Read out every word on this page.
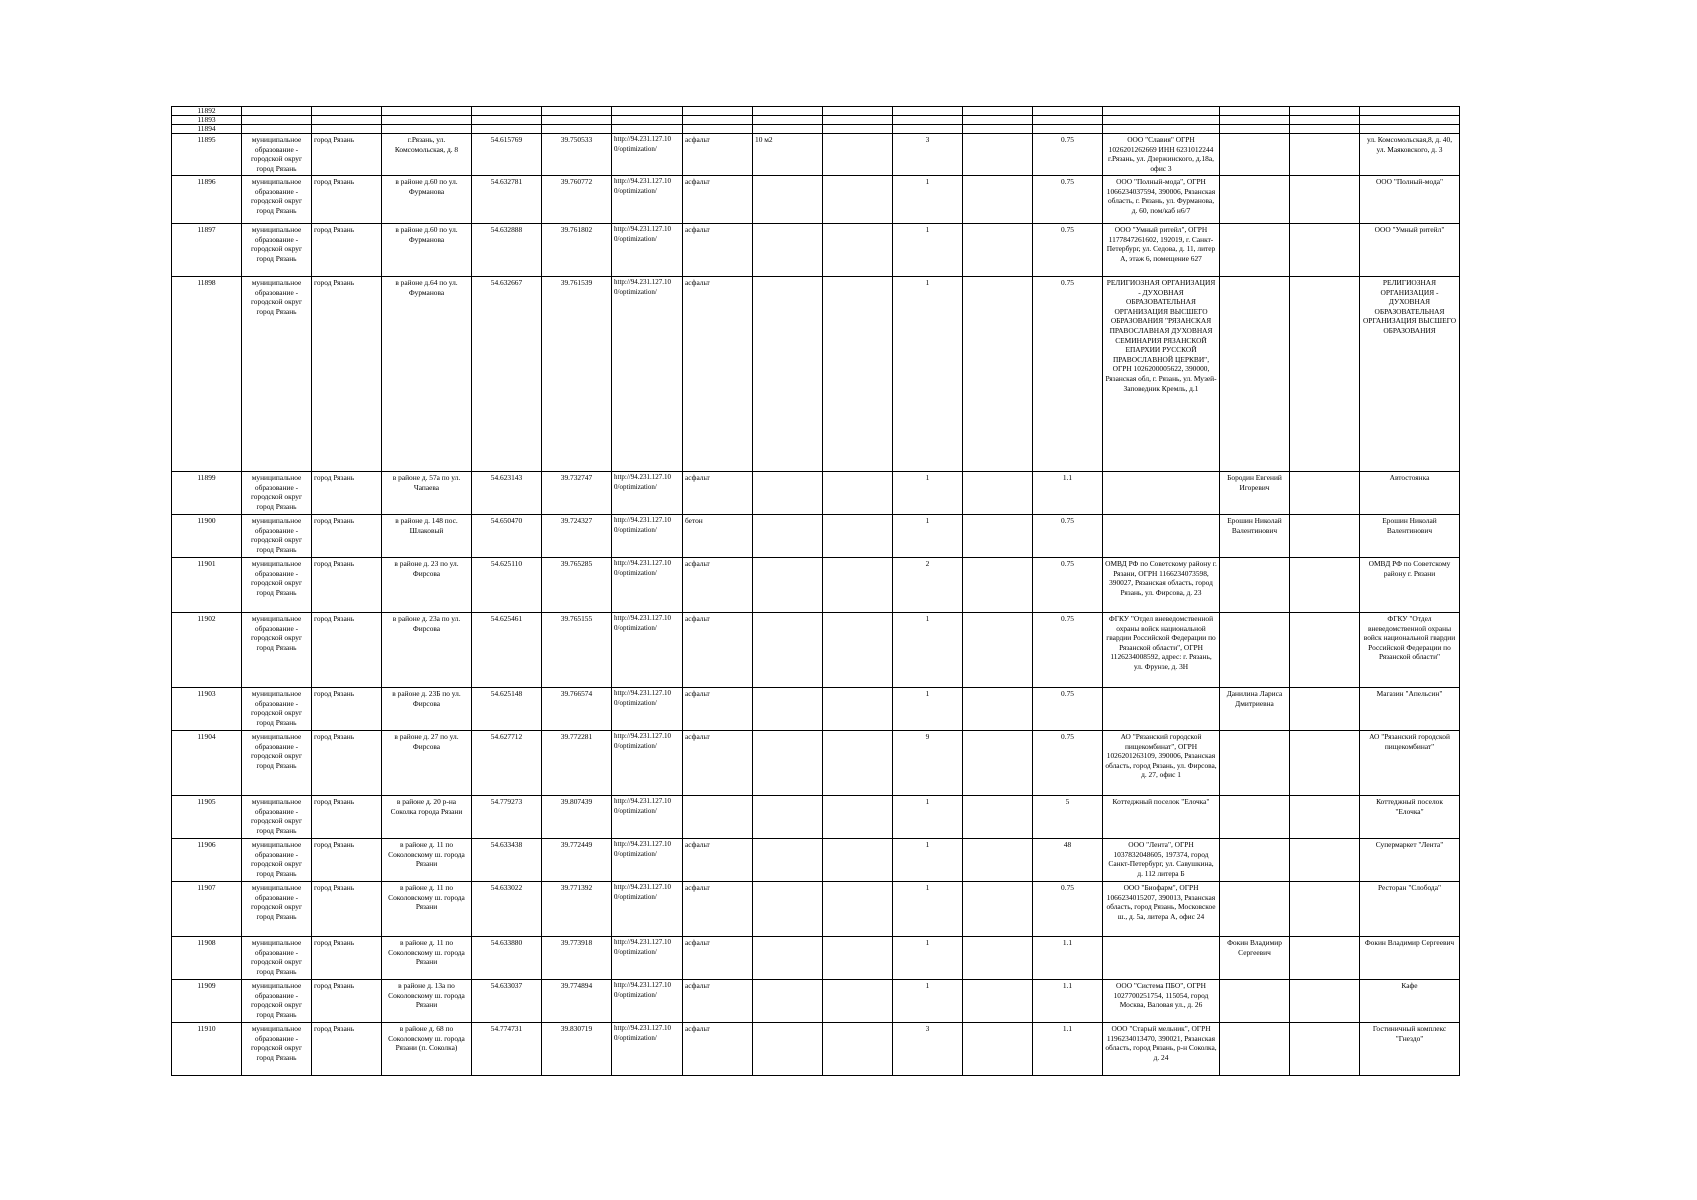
11892																
11893																
11894																
11895	муниципальное образование - городской округ город Рязань	город Рязань	г.Рязань, ул. Комсомольская, д. 8	54.615769	39.750533	http://94.231.127.10 0/optimization/	асфальт	10 м2		3		0.75	ООО "Славия" ОГРН 1026201262669 ИНН 6231012244 г.Рязань, ул. Дзержинского, д.18а, офис 3			ул. Комсомольская,8, д. 40, ул. Маяковского, д. 3
11896	муниципальное образование - городской округ город Рязань	город Рязань	в районе д.60 по ул. Фурманова	54.632781	39.760772	http://94.231.127.10 0/optimization/	асфальт			1		0.75	ООО "Полный-мода", ОГРН 1066234037594, 390006, Рязанская область, г. Рязань, ул. Фурманова, д. 60, пом/каб н6/7			ООО "Полный-мода"
11897	муниципальное образование - городской округ город Рязань	город Рязань	в районе д.60 по ул. Фурманова	54.632888	39.761802	http://94.231.127.10 0/optimization/	асфальт			1		0.75	ООО "Умный ритейл", ОГРН 1177847261602, 192019, г. Санкт-Петербург, ул. Седова, д. 11, литер А, этаж 6, помещение 627			ООО "Умный ритейл"
11898	муниципальное образование - городской округ город Рязань	город Рязань	в районе д.64 по ул. Фурманова	54.632667	39.761539	http://94.231.127.10 0/optimization/	асфальт			1		0.75	РЕЛИГИОЗНАЯ ОРГАНИЗАЦИЯ - ДУХОВНАЯ ОБРАЗОВАТЕЛЬНАЯ ОРГАНИЗАЦИЯ ВЫСШЕГО ОБРАЗОВАНИЯ "РЯЗАНСКАЯ ПРАВОСЛАВНАЯ ДУХОВНАЯ СЕМИНАРИЯ РЯЗАНСКОЙ ЕПАРХИИ РУССКОЙ ПРАВОСЛАВНОЙ ЦЕРКВИ", ОГРН 1026200005622, 390000, Рязанская обл, г. Рязань, ул. Музей-Заповедник Кремль, д.1			РЕЛИГИОЗНАЯ ОРГАНИЗАЦИЯ - ДУХОВНАЯ ОБРАЗОВАТЕЛЬНАЯ ОРГАНИЗАЦИЯ ВЫСШЕГО ОБРАЗОВАНИЯ
11899	муниципальное образование - городской округ город Рязань	город Рязань	в районе д. 57а по ул. Чапаева	54.623143	39.732747	http://94.231.127.10 0/optimization/	асфальт			1		1.1		Бородин Евгений Игоревич		Автостоянка
11900	муниципальное образование - городской округ город Рязань	город Рязань	в районе д. 148 пос. Шлаковый	54.650470	39.724327	http://94.231.127.10 0/optimization/	бетон			1		0.75		Ерошин Николай Валентинович		Ерошин Николай Валентинович
11901	муниципальное образование - городской округ город Рязань	город Рязань	в районе д. 23 по ул. Фирсова	54.625110	39.765285	http://94.231.127.10 0/optimization/	асфальт			2		0.75	ОМВД РФ по Советскому району г. Рязани, ОГРН 1166234073598, 390027, Рязанская область, город Рязань, ул. Фирсова, д. 23			ОМВД РФ по Советскому району г. Рязани
11902	муниципальное образование - городской округ город Рязань	город Рязань	в районе д. 23а по ул. Фирсова	54.625461	39.765155	http://94.231.127.10 0/optimization/	асфальт			1		0.75	ФГКУ "Отдел вневедомственной охраны войск национальной гвардии Российской Федерации по Рязанской области", ОГРН 1126234008592, адрес: г. Рязань, ул. Фрунзе, д. 3Н			ФГКУ "Отдел вневедомственной охраны войск национальной гвардии Российской Федерации по Рязанской области"
11903	муниципальное образование - городской округ город Рязань	город Рязань	в районе д. 23Б по ул. Фирсова	54.625148	39.766574	http://94.231.127.10 0/optimization/	асфальт			1		0.75		Данилина Лариса Дмитриевна		Магазин "Апельсин"
11904	муниципальное образование - городской округ город Рязань	город Рязань	в районе д. 27 по ул. Фирсова	54.627712	39.772281	http://94.231.127.10 0/optimization/	асфальт			9		0.75	АО "Рязанский городской пищекомбинат", ОГРН 1026201263109, 390006, Рязанская область, город Рязань, ул. Фирсова, д. 27, офис 1			АО "Рязанский городской пищекомбинат"
11905	муниципальное образование - городской округ город Рязань	город Рязань	в районе д. 20 р-на Соколка города Рязани	54.779273	39.807439	http://94.231.127.10 0/optimization/				1		5	Коттеджный поселок "Елочка"			Коттеджный поселок "Елочка"
11906	муниципальное образование - городской округ город Рязань	город Рязань	в районе д. 11 по Соколовскому ш. города Рязани	54.633438	39.772449	http://94.231.127.10 0/optimization/	асфальт			1		48	ООО "Лента", ОГРН 1037832048605, 197374, город Санкт-Петербург, ул. Савушкина, д. 112 литера Б			Супермаркет "Лента"
11907	муниципальное образование - городской округ город Рязань	город Рязань	в районе д. 11 по Соколовскому ш. города Рязани	54.633022	39.771392	http://94.231.127.10 0/optimization/	асфальт			1		0.75	ООО "Биофарм", ОГРН 1066234015207, 390013, Рязанская область, город Рязань, Московское ш., д. 5а, литера А, офис 24			Ресторан "Слобода"
11908	муниципальное образование - городской округ город Рязань	город Рязань	в районе д. 11 по Соколовскому ш. города Рязани	54.633880	39.773918	http://94.231.127.10 0/optimization/	асфальт			1		1.1		Фокин Владимир Сергеевич		Фокин Владимир Сергеевич
11909	муниципальное образование - городской округ город Рязань	город Рязань	в районе д. 13а по Соколовскому ш. города Рязани	54.633037	39.774894	http://94.231.127.10 0/optimization/	асфальт			1		1.1	ООО "Система ПБО", ОГРН 1027700251754, 115054, город Москва, Валовая ул., д. 26			Кафе
11910	муниципальное образование - городской округ город Рязань	город Рязань	в районе д. 68 по Соколовскому ш. города Рязани (п. Соколка)	54.774731	39.830719	http://94.231.127.10 0/optimization/	асфальт			3		1.1	ООО "Старый мельник", ОГРН 1196234013470, 390021, Рязанская область, город Рязань, р-н Соколка, д. 24			Гостиничный комплекс "Гнездо"
